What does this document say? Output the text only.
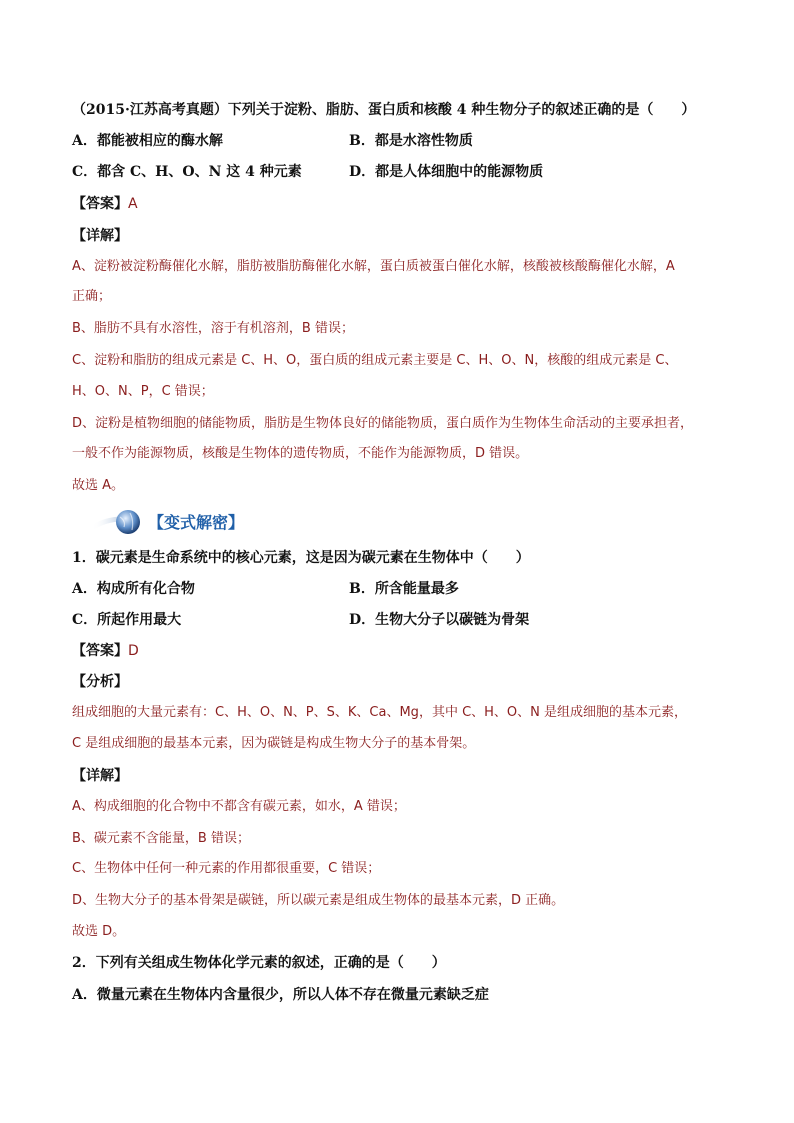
（2015·江苏高考真题）下列关于淀粉、脂肪、蛋白质和核酸 4 种生物分子的叙述正确的是（　　）
A．都能被相应的酶水解	B．都是水溶性物质
C．都含 C、H、O、N 这 4 种元素	D．都是人体细胞中的能源物质
【答案】A
【详解】
A、淀粉被淀粉酶催化水解，脂肪被脂肪酶催化水解，蛋白质被蛋白催化水解，核酸被核酸酶催化水解，A
正确；
B、脂肪不具有水溶性，溶于有机溶剂，B 错误；
C、淀粉和脂肪的组成元素是 C、H、O，蛋白质的组成元素主要是 C、H、O、N，核酸的组成元素是 C、
H、O、N、P，C 错误；
D、淀粉是植物细胞的储能物质，脂肪是生物体良好的储能物质，蛋白质作为生物体生命活动的主要承担者，
一般不作为能源物质，核酸是生物体的遗传物质，不能作为能源物质，D 错误。
故选 A。
【变式解密】
1．碳元素是生命系统中的核心元素，这是因为碳元素在生物体中（　　）
A．构成所有化合物	B．所含能量最多
C．所起作用最大	D．生物大分子以碳链为骨架
【答案】D
【分析】
组成细胞的大量元素有：C、H、O、N、P、S、K、Ca、Mg，其中 C、H、O、N 是组成细胞的基本元素，
C 是组成细胞的最基本元素，因为碳链是构成生物大分子的基本骨架。
【详解】
A、构成细胞的化合物中不都含有碳元素，如水，A 错误；
B、碳元素不含能量，B 错误；
C、生物体中任何一种元素的作用都很重要，C 错误；
D、生物大分子的基本骨架是碳链，所以碳元素是组成生物体的最基本元素，D 正确。
故选 D。
2．下列有关组成生物体化学元素的叙述，正确的是（　　）
A．微量元素在生物体内含量很少，所以人体不存在微量元素缺乏症
